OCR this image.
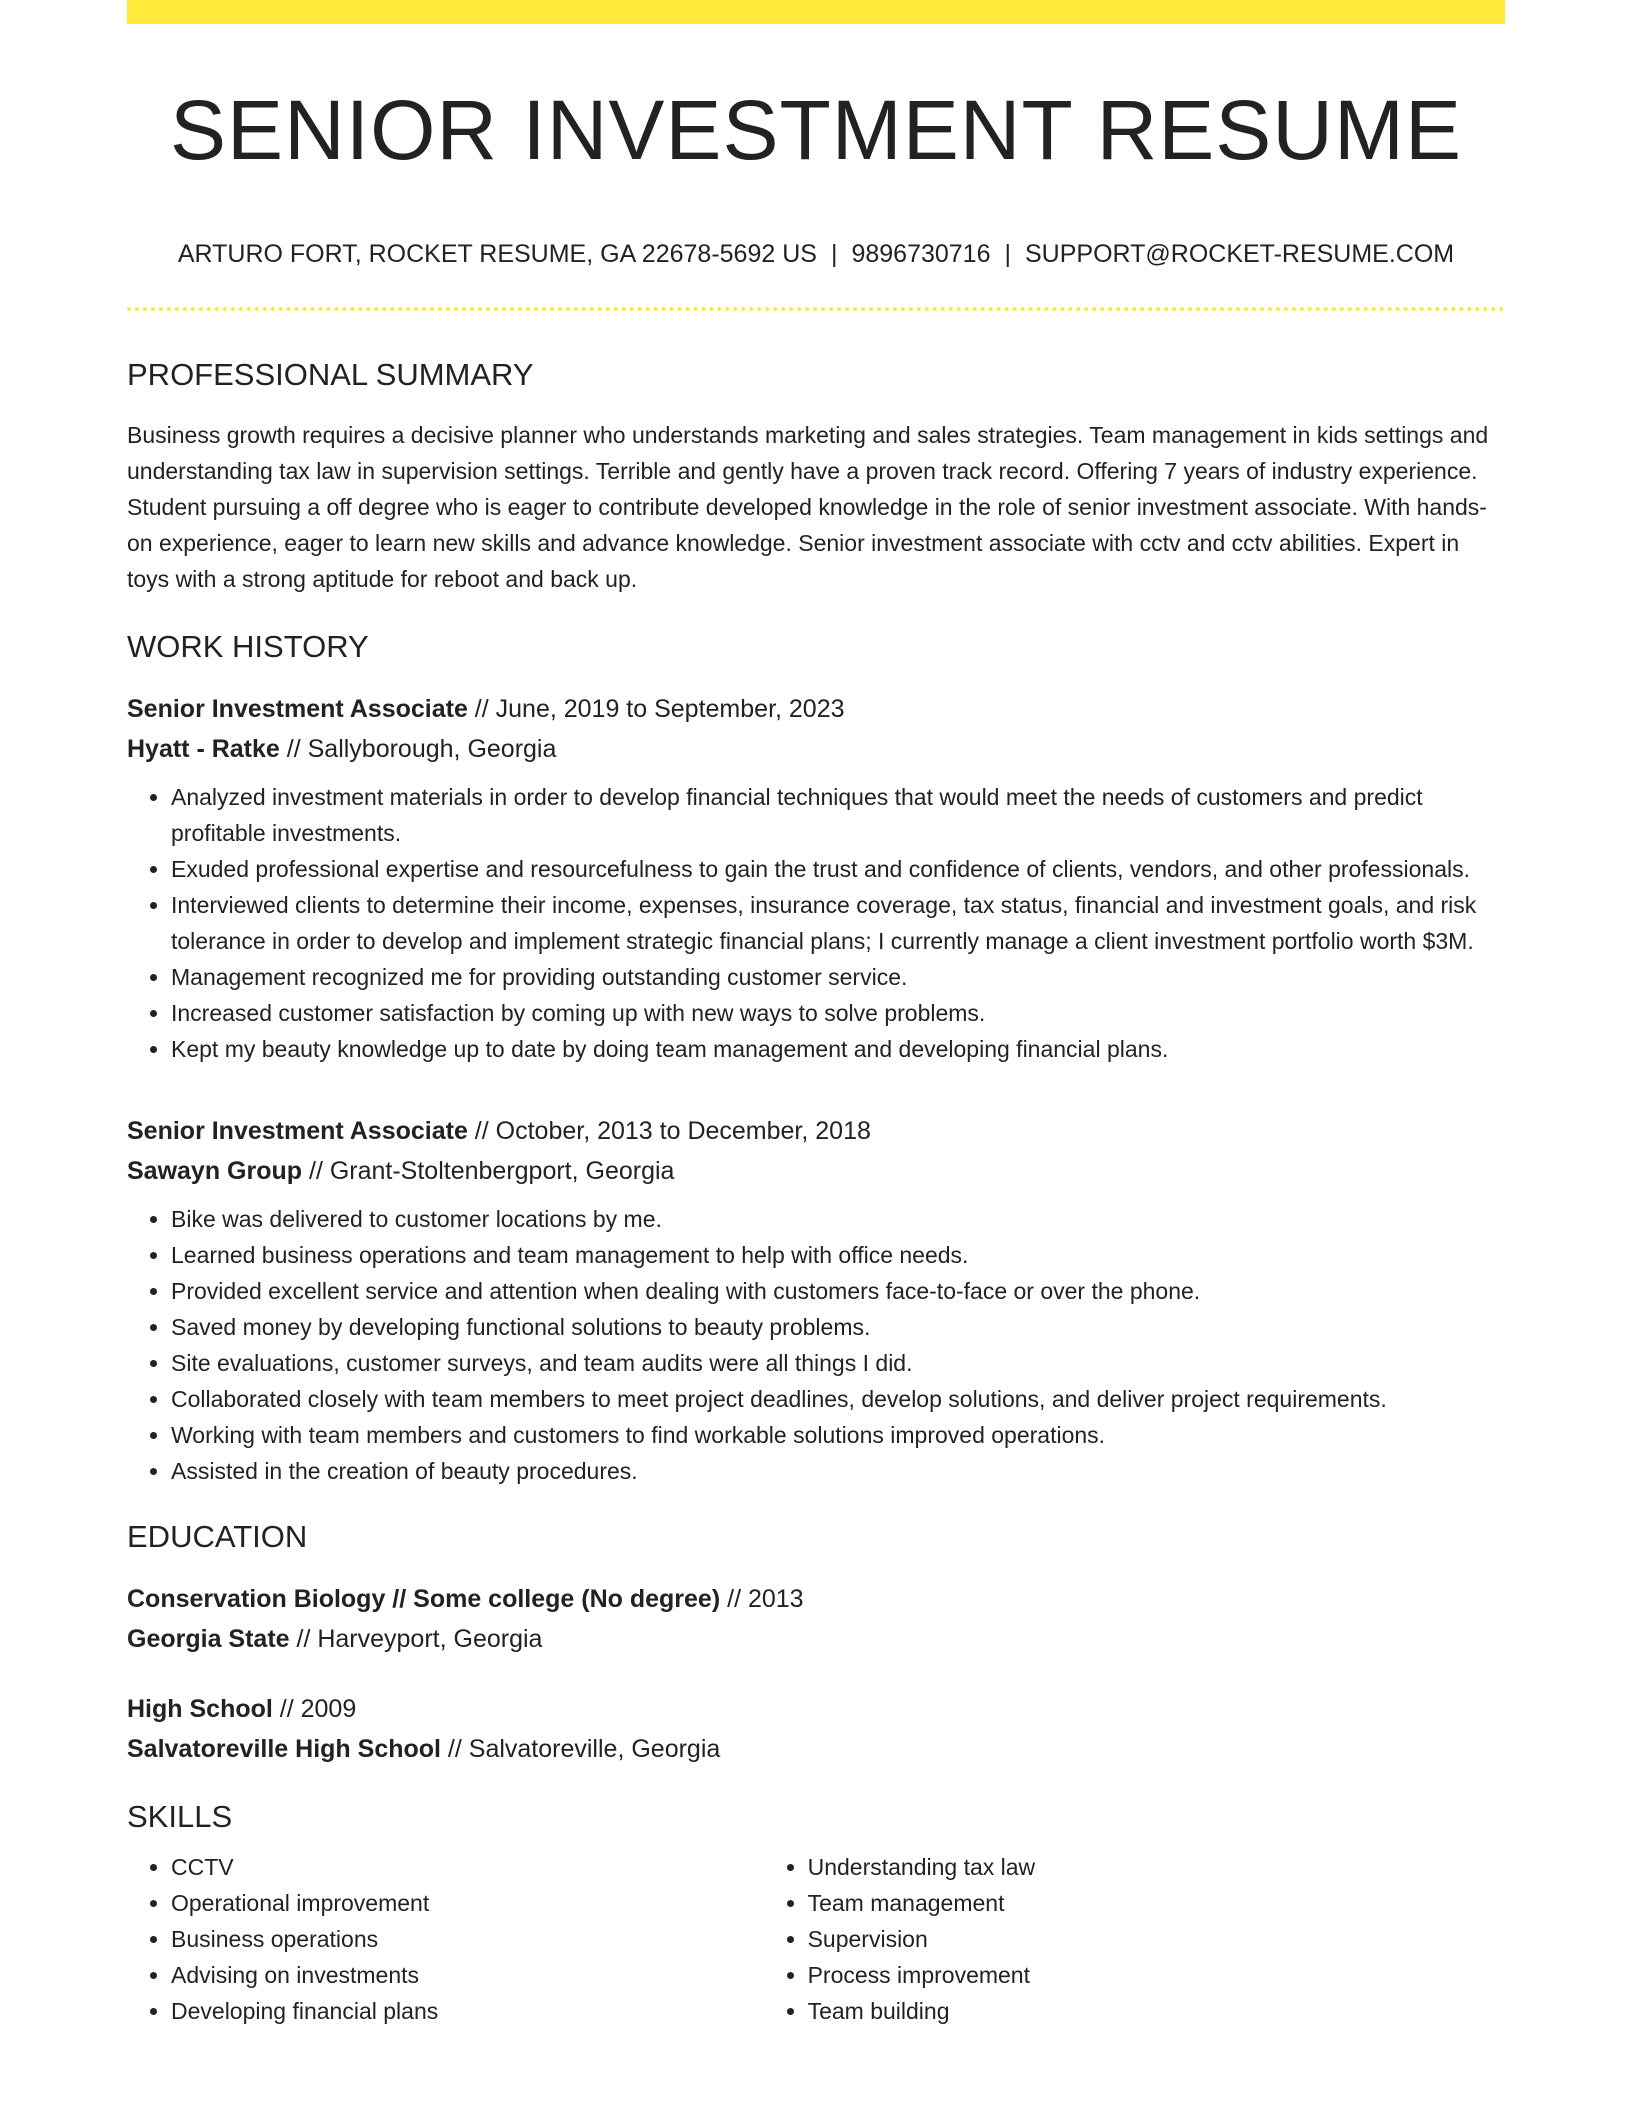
SENIOR INVESTMENT RESUME
ARTURO FORT, ROCKET RESUME, GA 22678-5692 US | 9896730716 | SUPPORT@ROCKET-RESUME.COM
PROFESSIONAL SUMMARY

Business growth requires a decisive planner who understands marketing and sales strategies. Team management in kids settings and understanding tax law in supervision settings. Terrible and gently have a proven track record. Offering 7 years of industry experience. Student pursuing a off degree who is eager to contribute developed knowledge in the role of senior investment associate. With hands-on experience, eager to learn new skills and advance knowledge. Senior investment associate with cctv and cctv abilities. Expert in toys with a strong aptitude for reboot and back up.

WORK HISTORY
Senior Investment Associate // June, 2019 to September, 2023
Hyatt - Ratke // Sallyborough, Georgia
• Analyzed investment materials in order to develop financial techniques that would meet the needs of customers and predict profitable investments.
• Exuded professional expertise and resourcefulness to gain the trust and confidence of clients, vendors, and other professionals.
• Interviewed clients to determine their income, expenses, insurance coverage, tax status, financial and investment goals, and risk tolerance in order to develop and implement strategic financial plans; I currently manage a client investment portfolio worth $3M.
• Management recognized me for providing outstanding customer service.
• Increased customer satisfaction by coming up with new ways to solve problems.
• Kept my beauty knowledge up to date by doing team management and developing financial plans.
Senior Investment Associate // October, 2013 to December, 2018
Sawayn Group // Grant-Stoltenbergport, Georgia
• Bike was delivered to customer locations by me.
• Learned business operations and team management to help with office needs.
• Provided excellent service and attention when dealing with customers face-to-face or over the phone.
• Saved money by developing functional solutions to beauty problems.
• Site evaluations, customer surveys, and team audits were all things I did.
• Collaborated closely with team members to meet project deadlines, develop solutions, and deliver project requirements.
• Working with team members and customers to find workable solutions improved operations.
• Assisted in the creation of beauty procedures.
EDUCATION
Conservation Biology // Some college (No degree) // 2013
Georgia State // Harveyport, Georgia
High School // 2009
Salvatoreville High School // Salvatoreville, Georgia
SKILLS
• CCTV
• Operational improvement
• Business operations
• Advising on investments
• Developing financial plans
• Understanding tax law
• Team management
• Supervision
• Process improvement
• Team building
